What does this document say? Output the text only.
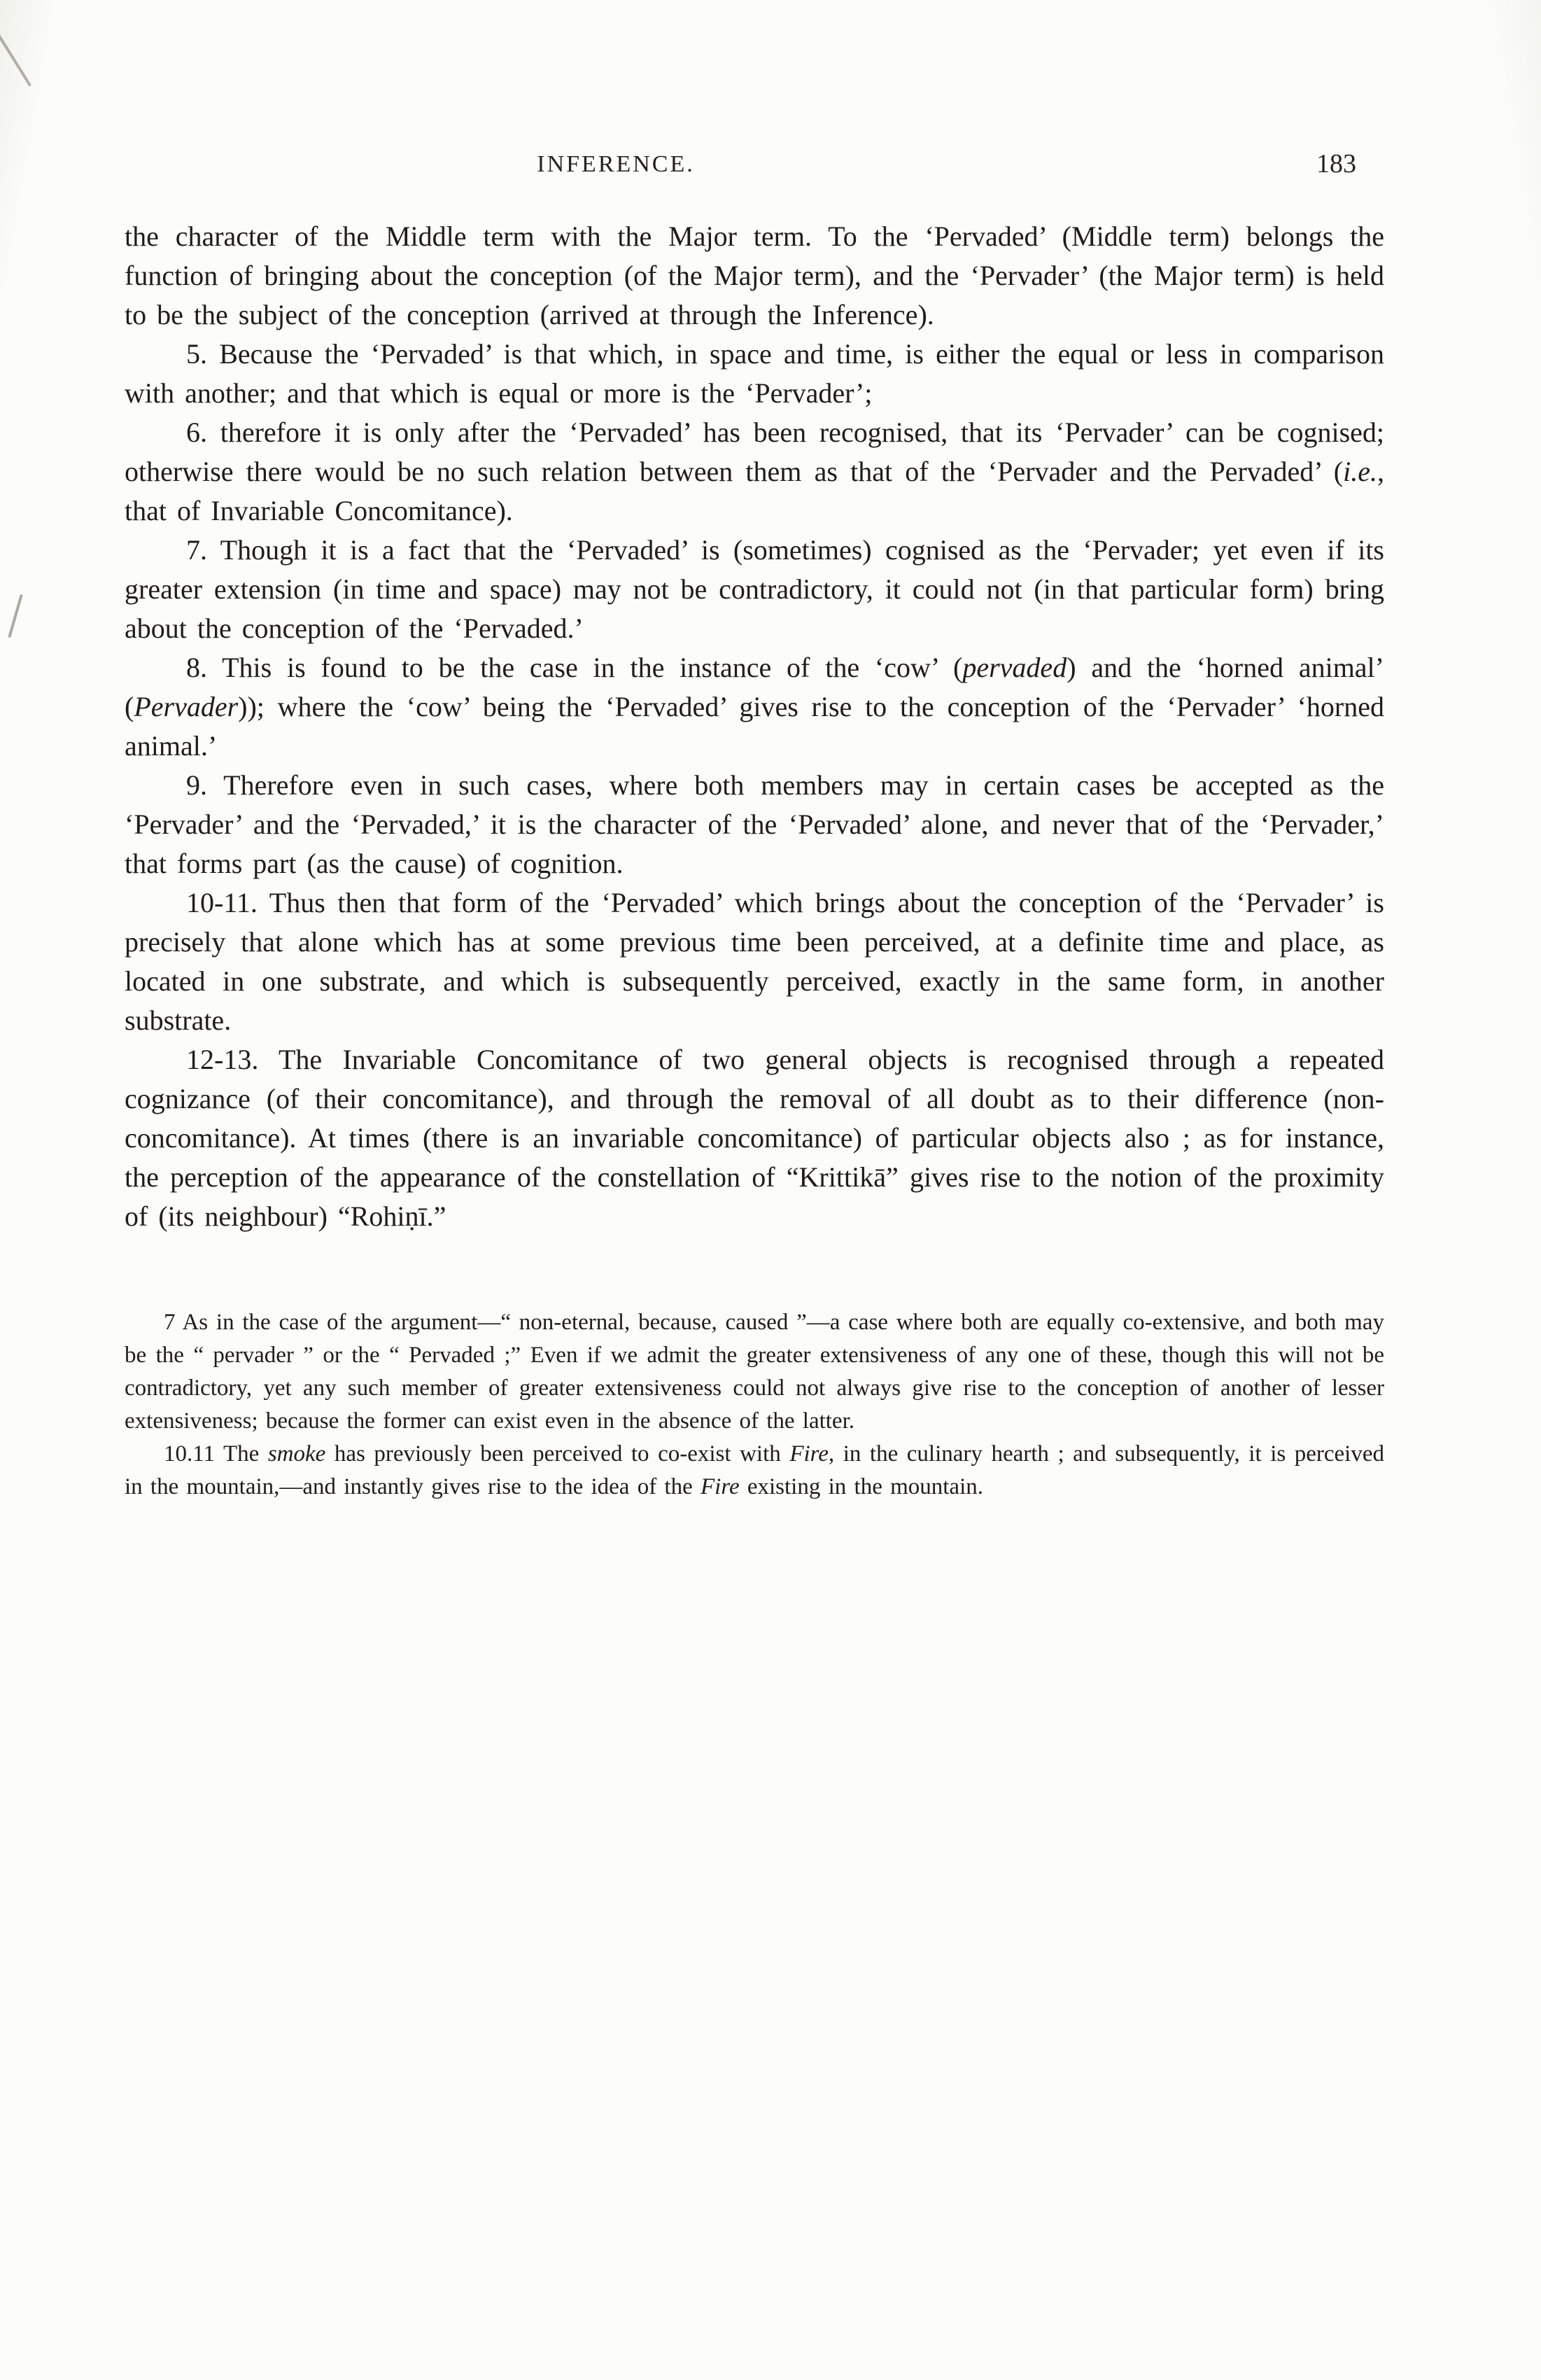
INFERENCE.	183

the character of the Middle term with the Major term. To the ‘Pervaded’ (Middle term) belongs the function of bringing about the conception (of the Major term), and the ‘Pervader’ (the Major term) is held to be the subject of the conception (arrived at through the Inference).

5. Because the ‘Pervaded’ is that which, in space and time, is either the equal or less in comparison with another; and that which is equal or more is the ‘Pervader’;

6. therefore it is only after the ‘Pervaded’ has been recognised, that its ‘Pervader’ can be cognised; otherwise there would be no such relation between them as that of the ‘Pervader and the Pervaded’ (i.e., that of Invariable Concomitance).

7. Though it is a fact that the ‘Pervaded’ is (sometimes) cognised as the ‘Pervader; yet even if its greater extension (in time and space) may not be contradictory, it could not (in that particular form) bring about the conception of the ‘Pervaded.’

8. This is found to be the case in the instance of the ‘cow’ (pervaded) and the ‘horned animal’ (Pervader)); where the ‘cow’ being the ‘Pervaded’ gives rise to the conception of the ‘Pervader’ ‘horned animal.’

9. Therefore even in such cases, where both members may in certain cases be accepted as the ‘Pervader’ and the ‘Pervaded,’ it is the character of the ‘Pervaded’ alone, and never that of the ‘Pervader,’ that forms part (as the cause) of cognition.

10-11. Thus then that form of the ‘Pervaded’ which brings about the conception of the ‘Pervader’ is precisely that alone which has at some previous time been perceived, at a definite time and place, as located in one substrate, and which is subsequently perceived, exactly in the same form, in another substrate.

12-13. The Invariable Concomitance of two general objects is recognised through a repeated cognizance (of their concomitance), and through the removal of all doubt as to their difference (non-concomitance). At times (there is an invariable concomitance) of particular objects also ; as for instance, the perception of the appearance of the constellation of “Krittikā” gives rise to the notion of the proximity of (its neighbour) “Rohiṇī.”

7 As in the case of the argument—“ non-eternal, because, caused ”—a case where both are equally co-extensive, and both may be the “ pervader ” or the “ Pervaded ;” Even if we admit the greater extensiveness of any one of these, though this will not be contradictory, yet any such member of greater extensiveness could not always give rise to the conception of another of lesser extensiveness; because the former can exist even in the absence of the latter.

10.11 The smoke has previously been perceived to co-exist with Fire, in the culinary hearth ; and subsequently, it is perceived in the mountain,—and instantly gives rise to the idea of the Fire existing in the mountain.
